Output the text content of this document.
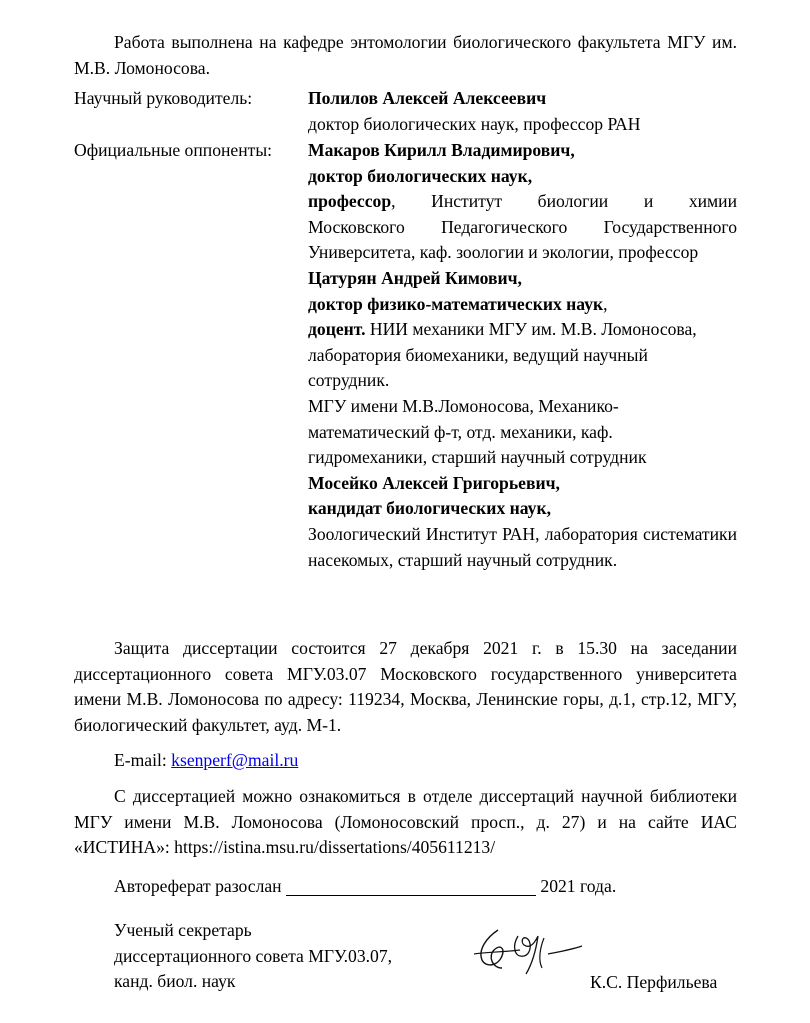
Работа выполнена на кафедре энтомологии биологического факультета МГУ им. М.В. Ломоносова.
Научный руководитель:	Полилов Алексей Алексеевич
доктор биологических наук, профессор РАН
Официальные оппоненты: Макаров Кирилл Владимирович,
доктор биологических наук,
профессор, Институт биологии и химии
Московского Педагогического Государственного Университета, каф. зоологии и экологии, профессор
Цатурян Андрей Кимович,
доктор физико-математических наук,
доцент. НИИ механики МГУ им. М.В. Ломоносова,
лаборатория биомеханики, ведущий научный
сотрудник.
МГУ имени М.В.Ломоносова, Механико-
математический ф-т, отд. механики, каф.
гидромеханики, старший научный сотрудник
Мосейко Алексей Григорьевич,
кандидат биологических наук,
Зоологический Институт РАН, лаборатория систематики насекомых, старший научный сотрудник.
Защита диссертации состоится 27 декабря 2021 г. в 15.30 на заседании диссертационного совета МГУ.03.07 Московского государственного университета имени М.В. Ломоносова по адресу: 119234, Москва, Ленинские горы, д.1, стр.12, МГУ, биологический факультет, ауд. М-1.
E-mail: ksenperf@mail.ru
С диссертацией можно ознакомиться в отделе диссертаций научной библиотеки МГУ имени М.В. Ломоносова (Ломоносовский просп., д. 27) и на сайте ИАС «ИСТИНА»: https://istina.msu.ru/dissertations/405611213/
Автореферат разослан	2021 года.
Ученый секретарь
диссертационного совета МГУ.03.07,
канд. биол. наук	К.С. Перфильева
